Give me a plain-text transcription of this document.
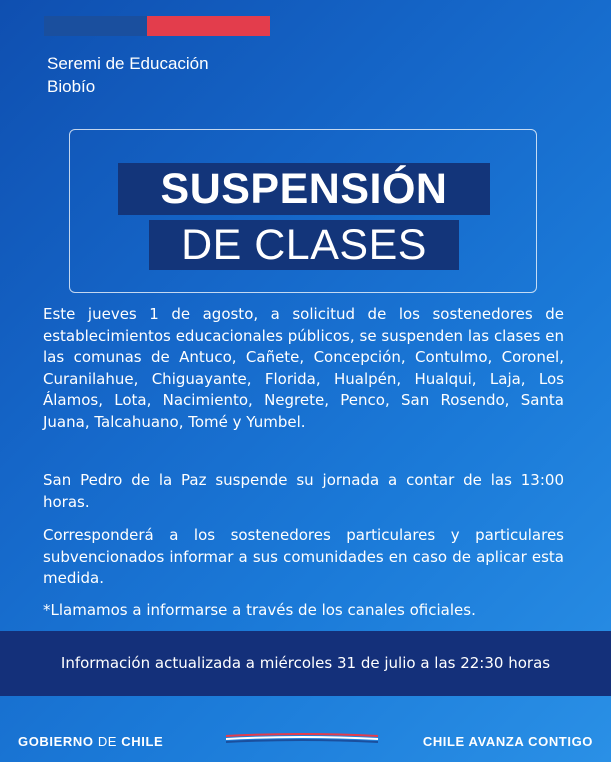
Seremi de Educación
Biobío
SUSPENSIÓN
DE CLASES

Este jueves 1 de agosto, a solicitud de los sostenedores de establecimientos educacionales públicos, se suspenden las clases en las comunas de Antuco, Cañete, Concepción, Contulmo, Coronel, Curanilahue, Chiguayante, Florida, Hualpén, Hualqui, Laja, Los Álamos, Lota, Nacimiento, Negrete, Penco, San Rosendo, Santa Juana, Talcahuano, Tomé y Yumbel.

San Pedro de la Paz suspende su jornada a contar de las 13:00 horas.

Corresponderá a los sostenedores particulares y particulares subvencionados informar a sus comunidades en caso de aplicar esta medida.

*Llamamos a informarse a través de los canales oficiales.

Información actualizada a miércoles 31 de julio a las 22:30 horas
GOBIERNO DE CHILE	CHILE AVANZA CONTIGO
